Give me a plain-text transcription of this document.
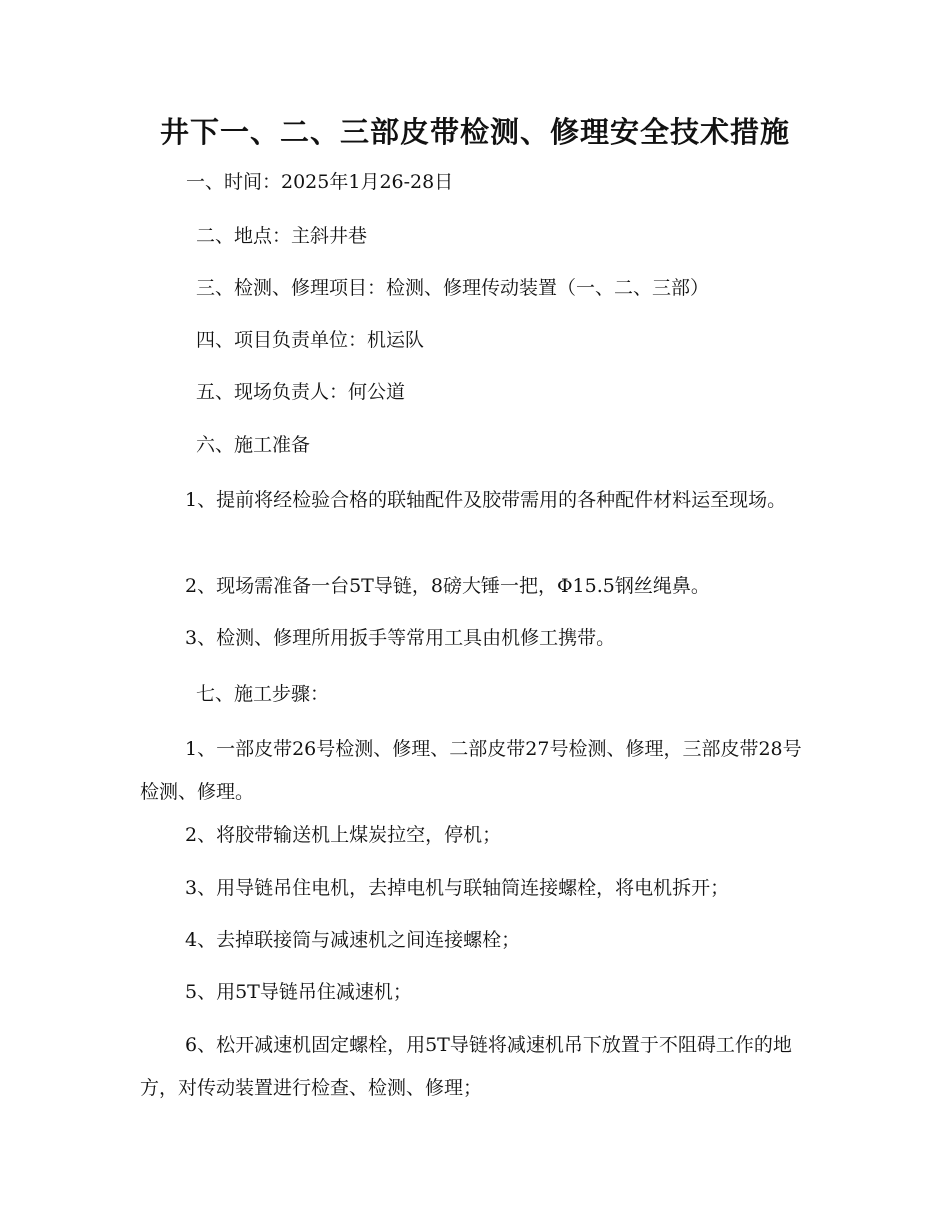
井下一、二、三部皮带检测、修理安全技术措施
一、时间：2025年1月26-28日
二、地点：主斜井巷
三、检测、修理项目：检测、修理传动装置（一、二、三部）
四、项目负责单位：机运队
五、现场负责人：何公道
六、施工准备
1、提前将经检验合格的联轴配件及胶带需用的各种配件材料运至现场。
2、现场需准备一台5T导链，8磅大锤一把，Φ15.5钢丝绳鼻。
3、检测、修理所用扳手等常用工具由机修工携带。
七、施工步骤：
1、一部皮带26号检测、修理、二部皮带27号检测、修理，三部皮带28号检测、修理。
2、将胶带输送机上煤炭拉空，停机；
3、用导链吊住电机，去掉电机与联轴筒连接螺栓，将电机拆开；
4、去掉联接筒与减速机之间连接螺栓；
5、用5T导链吊住减速机；
6、松开减速机固定螺栓，用5T导链将减速机吊下放置于不阻碍工作的地方，对传动装置进行检查、检测、修理；
